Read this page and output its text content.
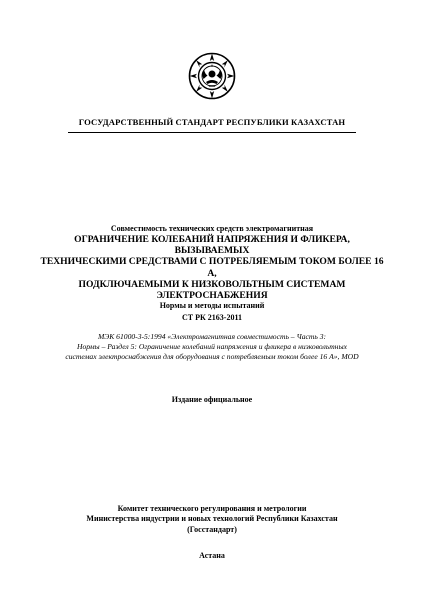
ГОСУДАРСТВЕННЫЙ СТАНДАРТ РЕСПУБЛИКИ КАЗАХСТАН
Совместимость технических средств электромагнитная
ОГРАНИЧЕНИЕ КОЛЕБАНИЙ НАПРЯЖЕНИЯ И ФЛИКЕРА, ВЫЗЫВАЕМЫХ
ТЕХНИЧЕСКИМИ СРЕДСТВАМИ С ПОТРЕБЛЯЕМЫМ ТОКОМ БОЛЕЕ 16 А,
ПОДКЛЮЧАЕМЫМИ К НИЗКОВОЛЬТНЫМ СИСТЕМАМ
ЭЛЕКТРОСНАБЖЕНИЯ
Нормы и методы испытаний
СТ РК 2163-2011
МЭК 61000-3-5:1994 «Электромагнитная совместимость – Часть 3:
Нормы – Раздел 5: Ограничение колебаний напряжения и фликера в низковольтных
системах электроснабжения для оборудования с потребляемым током более 16 А», MOD
Издание официальное
Комитет технического регулирования и метрологии
Министерства индустрии и новых технологий Республики Казахстан
(Госстандарт)
Астана
